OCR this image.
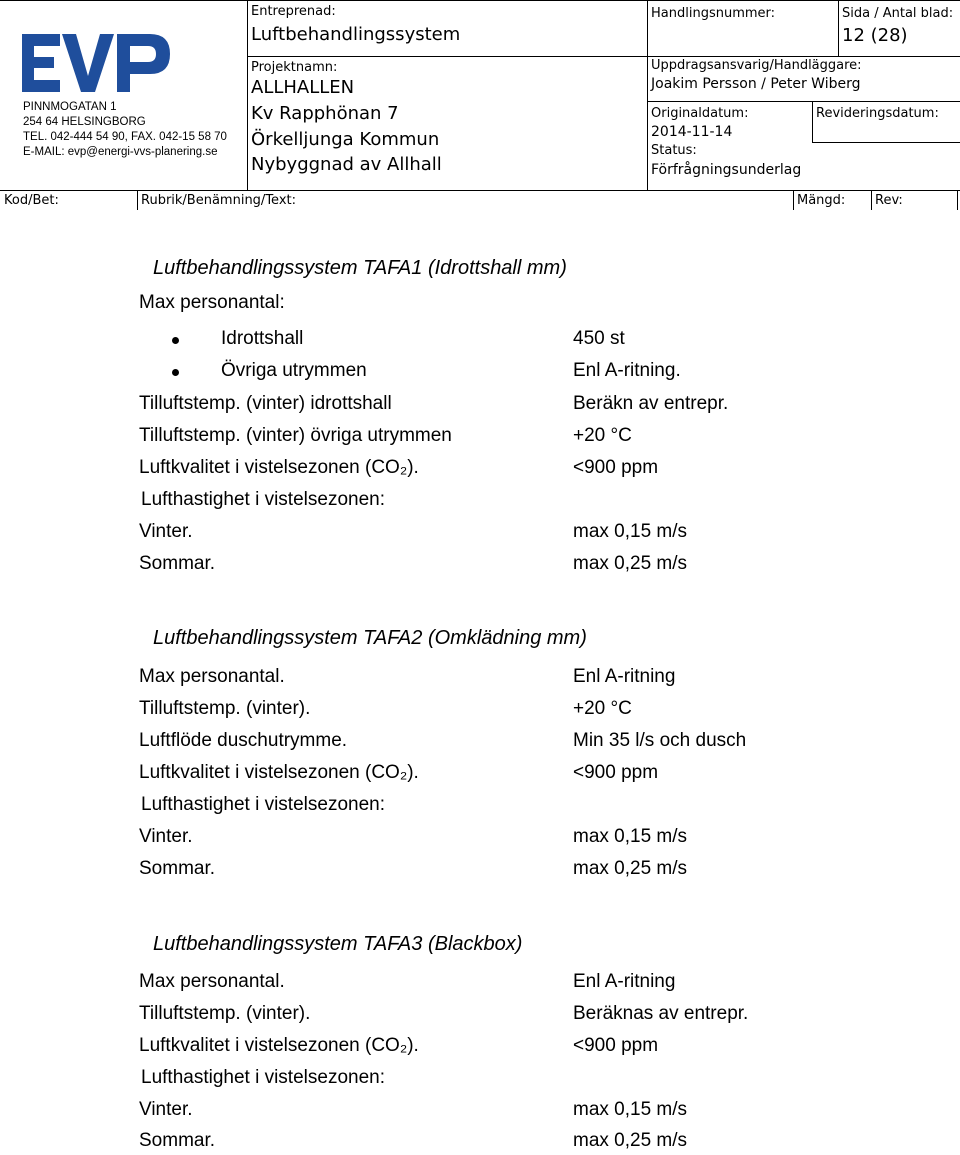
PINNMOGATAN 1
254 64 HELSINGBORG
TEL. 042-444 54 90, FAX. 042-15 58 70
E-MAIL: evp@energi-vvs-planering.se
Entreprenad:
Luftbehandlingssystem
Projektnamn:
ALLHALLEN
Kv Rapphönan 7
Örkelljunga Kommun
Nybyggnad av Allhall
Handlingsnummer:	Sida / Antal blad:
12 (28)
Uppdragsansvarig/Handläggare:
Joakim Persson / Peter Wiberg
Originaldatum:
2014-11-14
Revideringsdatum:
Status:
Förfrågningsunderlag
Kod/Bet:	Rubrik/Benämning/Text:	Mängd: Rev:
Luftbehandlingssystem TAFA1 (Idrottshall mm)
Max personantal:
Idrottshall	450 st
Övriga utrymmen	Enl A-ritning.
Tilluftstemp. (vinter) idrottshall	Beräkn av entrepr.
Tilluftstemp. (vinter) övriga utrymmen	+20 °C
Luftkvalitet i vistelsezonen (CO₂).	<900 ppm
Lufthastighet i vistelsezonen:
Vinter.	max 0,15 m/s
Sommar.	max 0,25 m/s
Luftbehandlingssystem TAFA2 (Omklädning mm)
Max personantal.	Enl A-ritning
Tilluftstemp. (vinter).	+20 °C
Luftflöde duschutrymme.	Min 35 l/s och dusch
Luftkvalitet i vistelsezonen (CO₂).	<900 ppm
Lufthastighet i vistelsezonen:
Vinter.	max 0,15 m/s
Sommar.	max 0,25 m/s
Luftbehandlingssystem TAFA3 (Blackbox)
Max personantal.	Enl A-ritning
Tilluftstemp. (vinter).	Beräknas av entrepr.
Luftkvalitet i vistelsezonen (CO₂).	<900 ppm
Lufthastighet i vistelsezonen:
Vinter.	max 0,15 m/s
Sommar.	max 0,25 m/s
